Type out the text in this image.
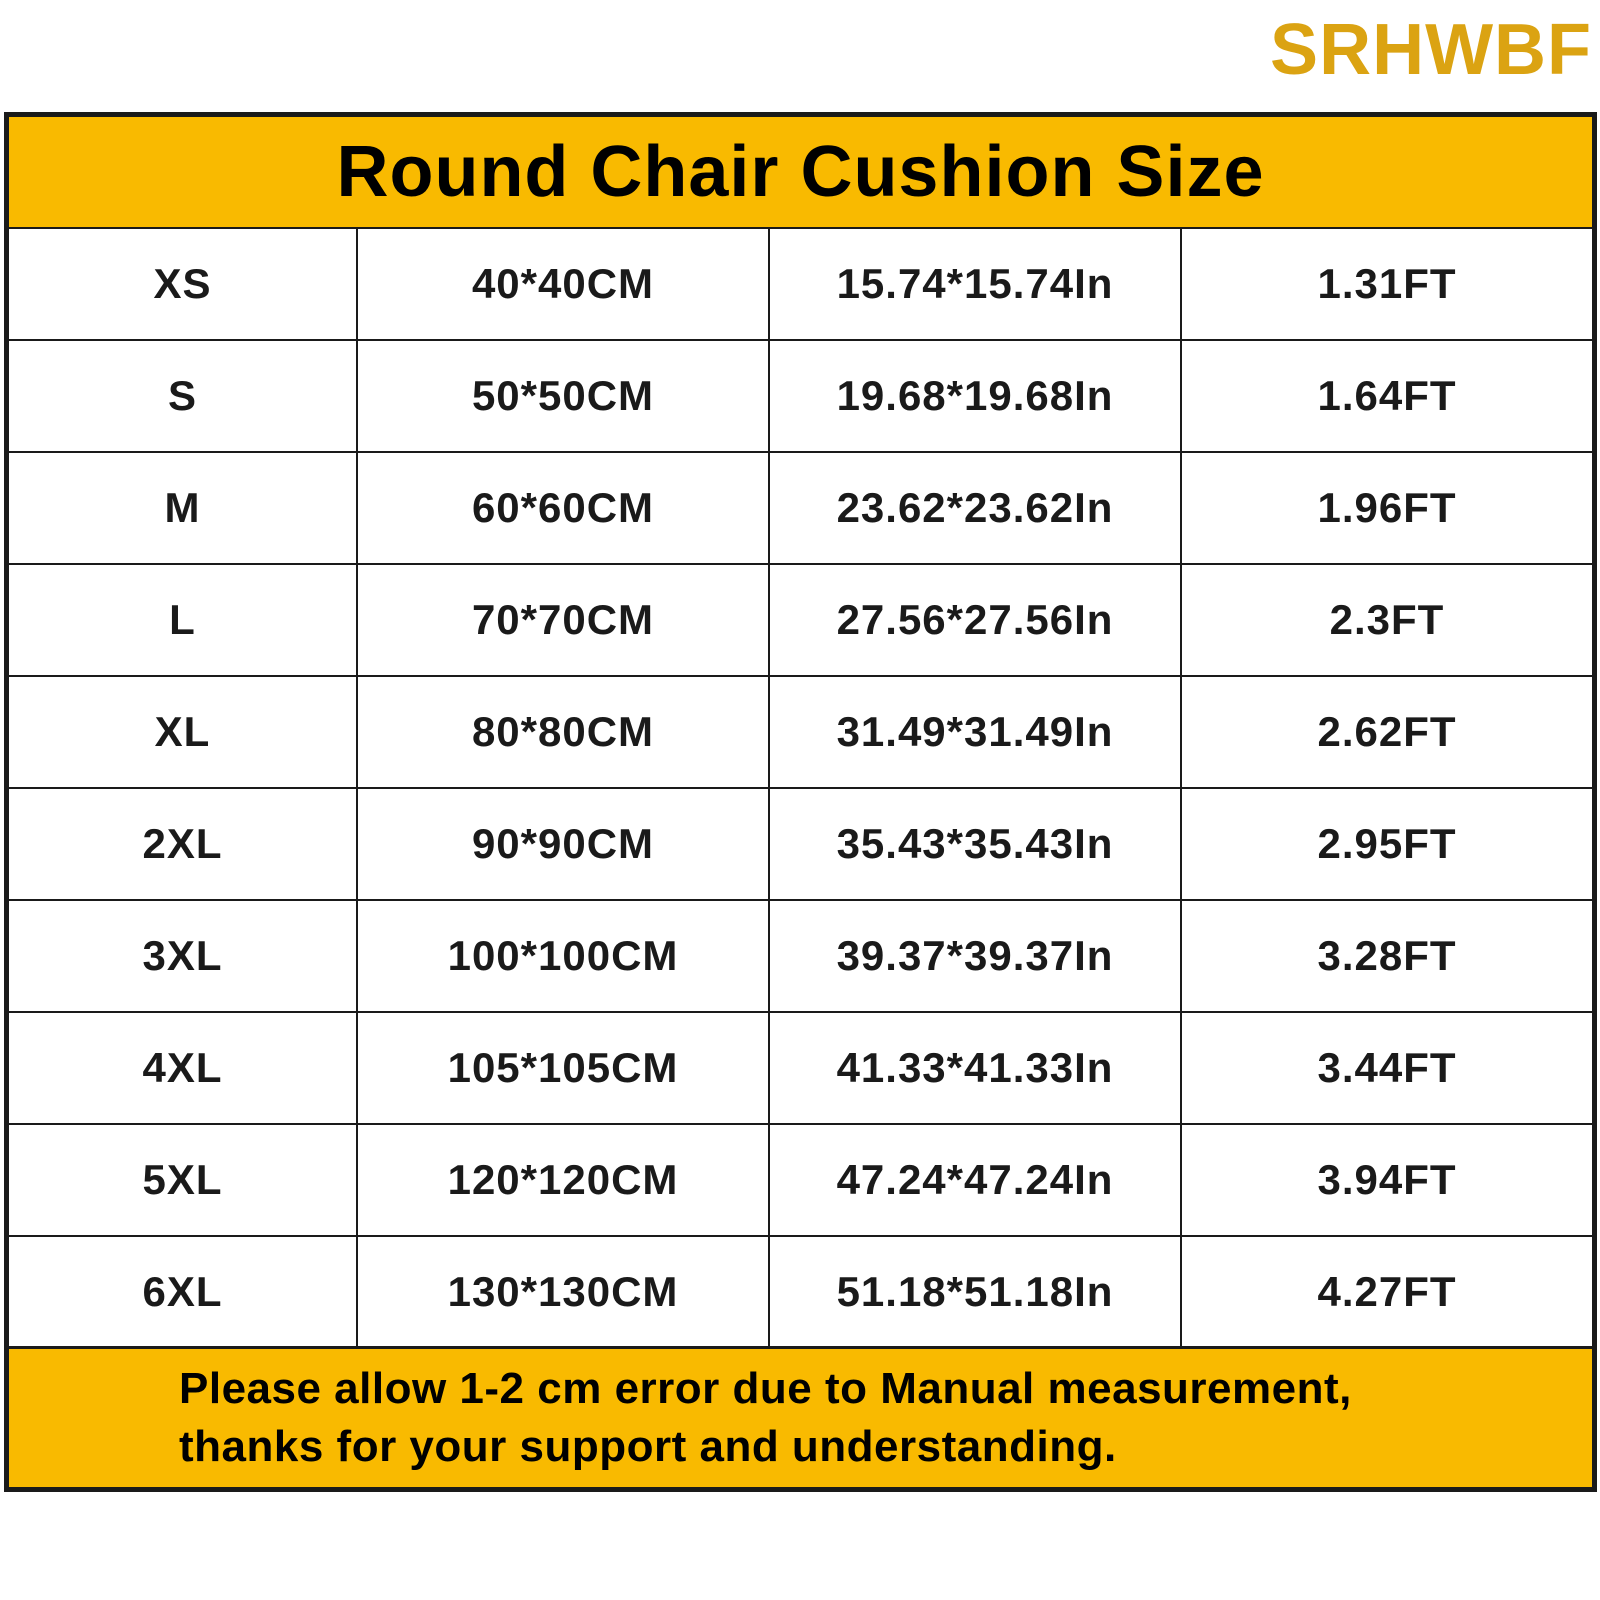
SRHWBF
Round Chair Cushion Size
XS	40*40CM	15.74*15.74In	1.31FT
S	50*50CM	19.68*19.68In	1.64FT
M	60*60CM	23.62*23.62In	1.96FT
L	70*70CM	27.56*27.56In	2.3FT
XL	80*80CM	31.49*31.49In	2.62FT
2XL	90*90CM	35.43*35.43In	2.95FT
3XL	100*100CM	39.37*39.37In	3.28FT
4XL	105*105CM	41.33*41.33In	3.44FT
5XL	120*120CM	47.24*47.24In	3.94FT
6XL	130*130CM	51.18*51.18In	4.27FT
Please allow 1-2 cm error due to Manual measurement,
thanks for your support and understanding.
